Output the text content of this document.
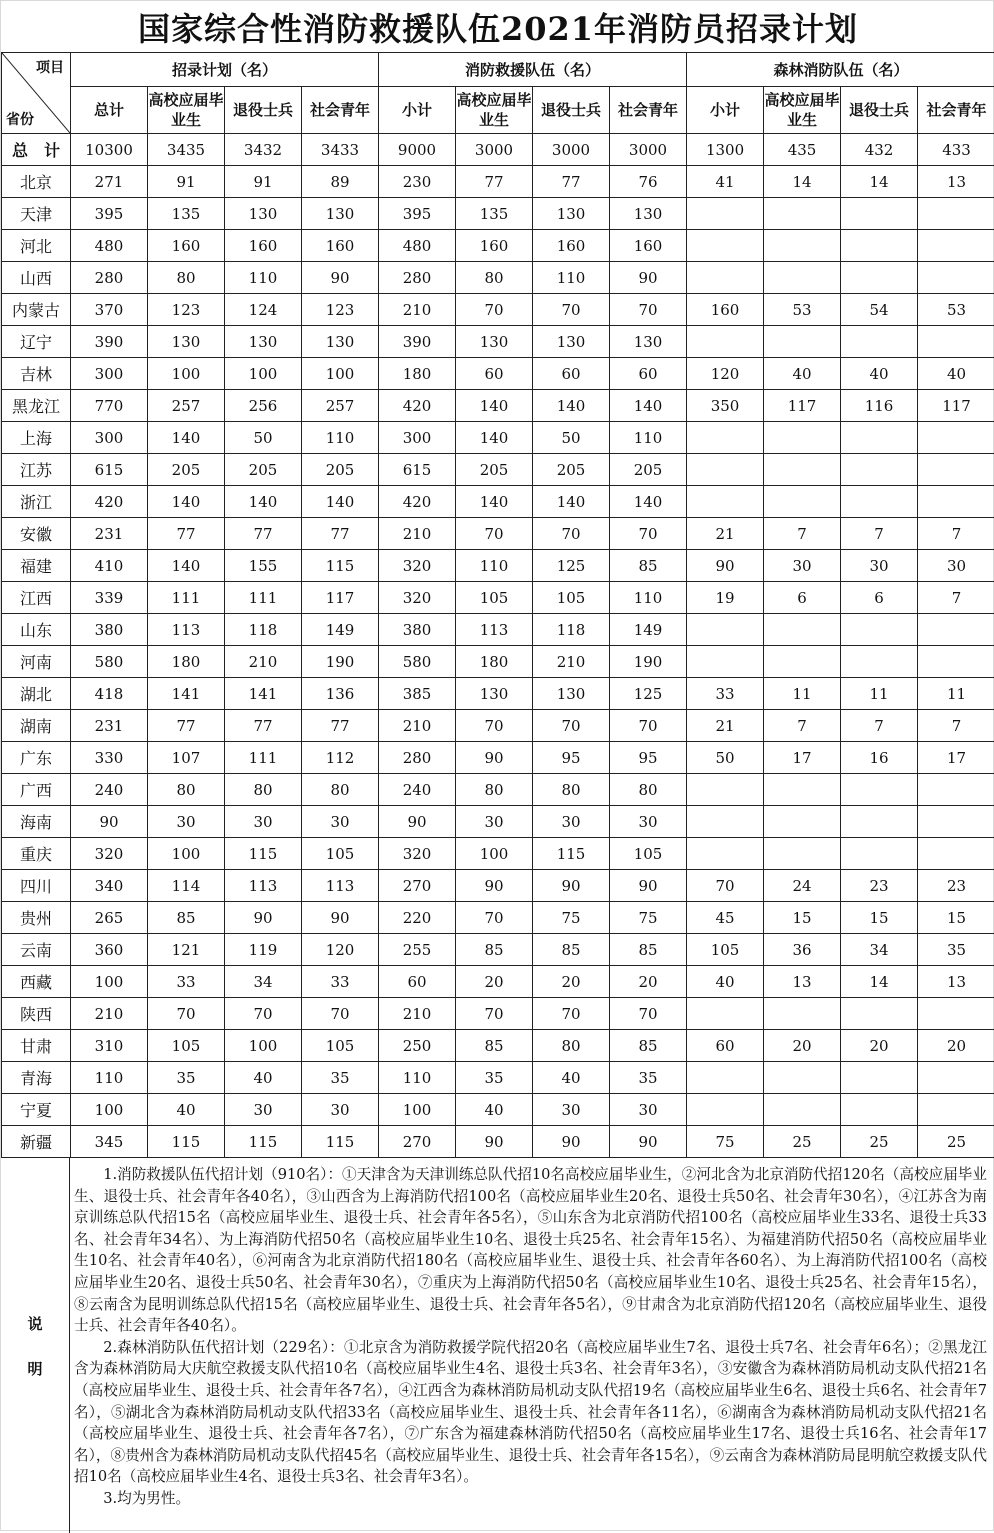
国家综合性消防救援队伍2021年消防员招录计划
项目
省份	招录计划（名）				消防救援队伍（名）				森林消防队伍（名）			
	总计	高校应届毕业生	退役士兵	社会青年	小计	高校应届毕业生	退役士兵	社会青年	小计	高校应届毕业生	退役士兵	社会青年
总　计	10300	3435	3432	3433	9000	3000	3000	3000	1300	435	432	433
北京	271	91	91	89	230	77	77	76	41	14	14	13
天津	395	135	130	130	395	135	130	130				
河北	480	160	160	160	480	160	160	160				
山西	280	80	110	90	280	80	110	90				
内蒙古	370	123	124	123	210	70	70	70	160	53	54	53
辽宁	390	130	130	130	390	130	130	130				
吉林	300	100	100	100	180	60	60	60	120	40	40	40
黑龙江	770	257	256	257	420	140	140	140	350	117	116	117
上海	300	140	50	110	300	140	50	110				
江苏	615	205	205	205	615	205	205	205				
浙江	420	140	140	140	420	140	140	140				
安徽	231	77	77	77	210	70	70	70	21	7	7	7
福建	410	140	155	115	320	110	125	85	90	30	30	30
江西	339	111	111	117	320	105	105	110	19	6	6	7
山东	380	113	118	149	380	113	118	149				
河南	580	180	210	190	580	180	210	190				
湖北	418	141	141	136	385	130	130	125	33	11	11	11
湖南	231	77	77	77	210	70	70	70	21	7	7	7
广东	330	107	111	112	280	90	95	95	50	17	16	17
广西	240	80	80	80	240	80	80	80				
海南	90	30	30	30	90	30	30	30				
重庆	320	100	115	105	320	100	115	105				
四川	340	114	113	113	270	90	90	90	70	24	23	23
贵州	265	85	90	90	220	70	75	75	45	15	15	15
云南	360	121	119	120	255	85	85	85	105	36	34	35
西藏	100	33	34	33	60	20	20	20	40	13	14	13
陕西	210	70	70	70	210	70	70	70				
甘肃	310	105	100	105	250	85	80	85	60	20	20	20
青海	110	35	40	35	110	35	40	35				
宁夏	100	40	30	30	100	40	30	30				
新疆	345	115	115	115	270	90	90	90	75	25	25	25
说
明

1.消防救援队伍代招计划（910名）：①天津含为天津训练总队代招10名高校应届毕业生，②河北含为北京消防代招120名（高校应届毕业生、退役士兵、社会青年各40名），③山西含为上海消防代招100名（高校应届毕业生20名、退役士兵50名、社会青年30名），④江苏含为南京训练总队代招15名（高校应届毕业生、退役士兵、社会青年各5名），⑤山东含为北京消防代招100名（高校应届毕业生33名、退役士兵33名、社会青年34名）、为上海消防代招50名（高校应届毕业生10名、退役士兵25名、社会青年15名）、为福建消防代招50名（高校应届毕业生10名、社会青年40名），⑥河南含为北京消防代招180名（高校应届毕业生、退役士兵、社会青年各60名）、为上海消防代招100名（高校应届毕业生20名、退役士兵50名、社会青年30名），⑦重庆为上海消防代招50名（高校应届毕业生10名、退役士兵25名、社会青年15名），⑧云南含为昆明训练总队代招15名（高校应届毕业生、退役士兵、社会青年各5名），⑨甘肃含为北京消防代招120名（高校应届毕业生、退役士兵、社会青年各40名）。

2.森林消防队伍代招计划（229名）：①北京含为消防救援学院代招20名（高校应届毕业生7名、退役士兵7名、社会青年6名）；②黑龙江含为森林消防局大庆航空救援支队代招10名（高校应届毕业生4名、退役士兵3名、社会青年3名），③安徽含为森林消防局机动支队代招21名（高校应届毕业生、退役士兵、社会青年各7名），④江西含为森林消防局机动支队代招19名（高校应届毕业生6名、退役士兵6名、社会青年7名），⑤湖北含为森林消防局机动支队代招33名（高校应届毕业生、退役士兵、社会青年各11名），⑥湖南含为森林消防局机动支队代招21名（高校应届毕业生、退役士兵、社会青年各7名），⑦广东含为福建森林消防代招50名（高校应届毕业生17名、退役士兵16名、社会青年17名），⑧贵州含为森林消防局机动支队代招45名（高校应届毕业生、退役士兵、社会青年各15名），⑨云南含为森林消防局昆明航空救援支队代招10名（高校应届毕业生4名、退役士兵3名、社会青年3名）。

3.均为男性。
